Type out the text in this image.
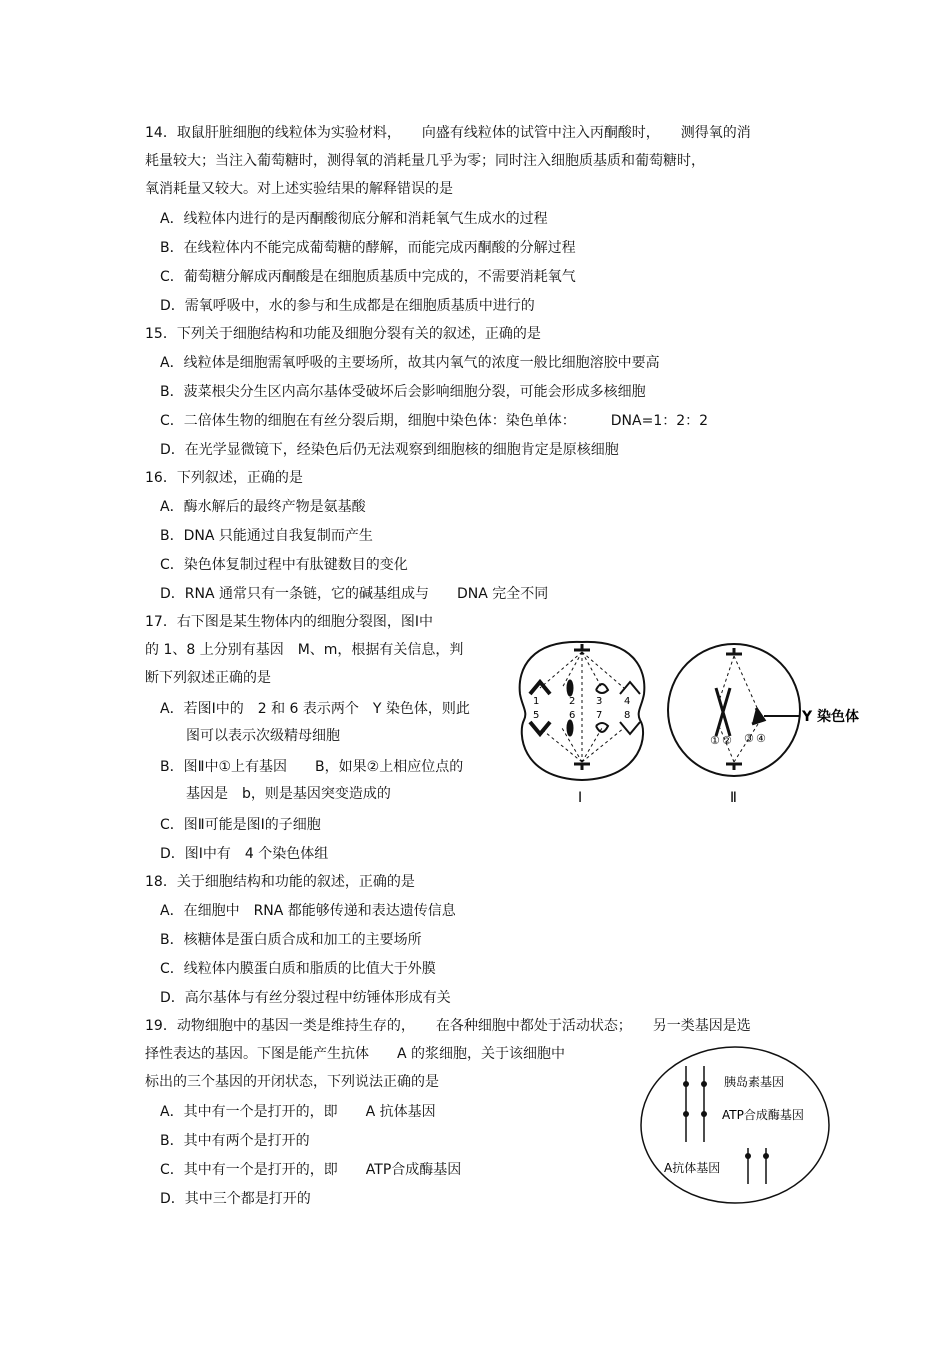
14．取鼠肝脏细胞的线粒体为实验材料，　　向盛有线粒体的试管中注入丙酮酸时，　　测得氧的消
耗量较大；当注入葡萄糖时，测得氧的消耗量几乎为零；同时注入细胞质基质和葡萄糖时，
氧消耗量又较大。对上述实验结果的解释错误的是
A．线粒体内进行的是丙酮酸彻底分解和消耗氧气生成水的过程
B．在线粒体内不能完成葡萄糖的酵解，而能完成丙酮酸的分解过程
C．葡萄糖分解成丙酮酸是在细胞质基质中完成的，不需要消耗氧气
D．需氧呼吸中，水的参与和生成都是在细胞质基质中进行的
15．下列关于细胞结构和功能及细胞分裂有关的叙述，正确的是
A．线粒体是细胞需氧呼吸的主要场所，故其内氧气的浓度一般比细胞溶胶中要高
B．菠菜根尖分生区内高尔基体受破坏后会影响细胞分裂，可能会形成多核细胞
C．二倍体生物的细胞在有丝分裂后期，细胞中染色体：染色单体：　　　DNA=1：2：2
D．在光学显微镜下，经染色后仍无法观察到细胞核的细胞肯定是原核细胞
16．下列叙述，正确的是
A．酶水解后的最终产物是氨基酸
B．DNA 只能通过自我复制而产生
C．染色体复制过程中有肽键数目的变化
D．RNA 通常只有一条链，它的碱基组成与　　DNA 完全不同
17．右下图是某生物体内的细胞分裂图，图Ⅰ中
的 1、8 上分别有基因　M、m，根据有关信息，判
断下列叙述正确的是
A．若图Ⅰ中的　2 和 6 表示两个　Y 染色体，则此
图可以表示次级精母细胞
B．图Ⅱ中①上有基因　　B，如果②上相应位点的
基因是　b，则是基因突变造成的
C．图Ⅱ可能是图Ⅰ的子细胞
D．图Ⅰ中有　4 个染色体组
1
5
2
6
3
7
4
8
Ⅰ
① ② ③ ④
Y 染色体
Ⅱ
18．关于细胞结构和功能的叙述，正确的是
A．在细胞中　RNA 都能够传递和表达遗传信息
B．核糖体是蛋白质合成和加工的主要场所
C．线粒体内膜蛋白质和脂质的比值大于外膜
D．高尔基体与有丝分裂过程中纺锤体形成有关
19．动物细胞中的基因一类是维持生存的，　　在各种细胞中都处于活动状态；　　另一类基因是选
择性表达的基因。下图是能产生抗体　　A 的浆细胞，关于该细胞中
标出的三个基因的开闭状态，下列说法正确的是
A．其中有一个是打开的，即　　A 抗体基因
B．其中有两个是打开的
C．其中有一个是打开的，即　　ATP合成酶基因
D．其中三个都是打开的
胰岛素基因
ATP合成酶基因
A抗体基因
